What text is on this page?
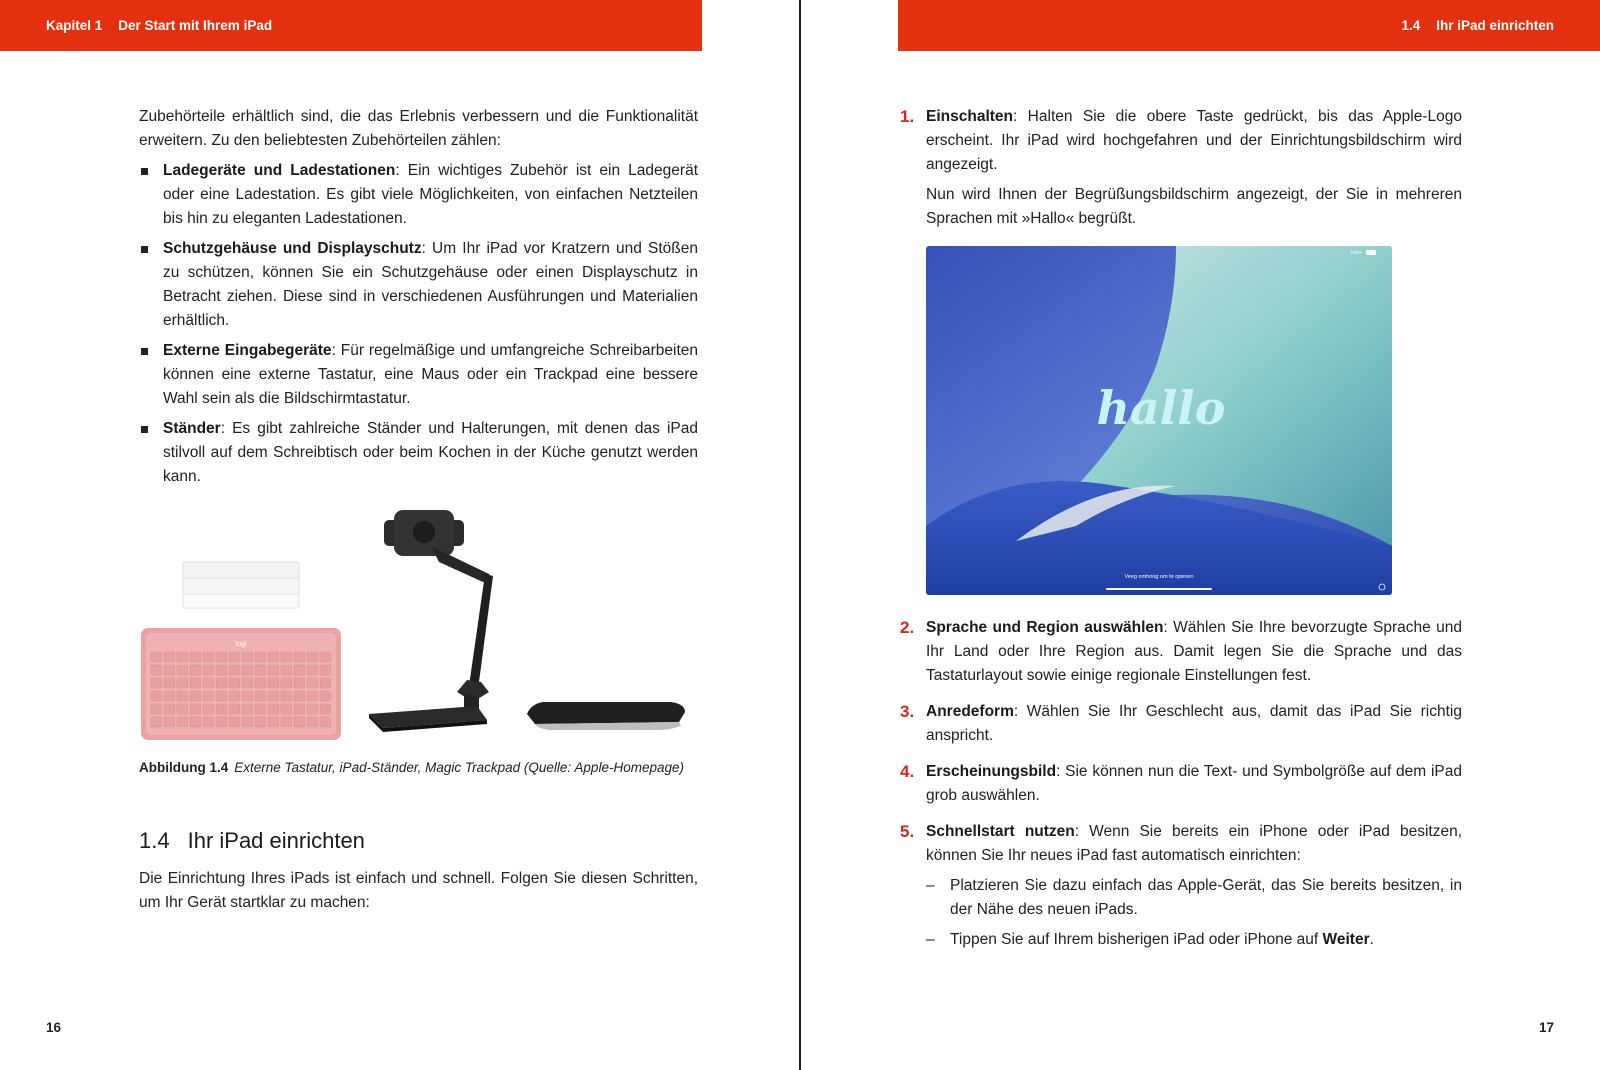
Kapitel 1 Der Start mit Ihrem iPad

Zubehörteile erhältlich sind, die das Erlebnis verbessern und die Funktionalität erweitern. Zu den beliebtesten Zubehörteilen zählen:

Ladegeräte und Ladestationen: Ein wichtiges Zubehör ist ein Ladegerät oder eine Ladestation. Es gibt viele Möglichkeiten, von einfachen Netzteilen bis hin zu eleganten Ladestationen.
Schutzgehäuse und Displayschutz: Um Ihr iPad vor Kratzern und Stößen zu schützen, können Sie ein Schutzgehäuse oder einen Displayschutz in Betracht ziehen. Diese sind in verschiedenen Ausführungen und Materialien erhältlich.
Externe Eingabegeräte: Für regelmäßige und umfangreiche Schreibarbeiten können eine externe Tastatur, eine Maus oder ein Trackpad eine bessere Wahl sein als die Bildschirmtastatur.
Ständer: Es gibt zahlreiche Ständer und Halterungen, mit denen das iPad stilvoll auf dem Schreibtisch oder beim Kochen in der Küche genutzt werden kann.
logi
Abbildung 1.4 Externe Tastatur, iPad-Ständer, Magic Trackpad (Quelle: Apple-Homepage)
1.4 Ihr iPad einrichten

Die Einrichtung Ihres iPads ist einfach und schnell. Folgen Sie diesen Schritten, um Ihr Gerät startklar zu machen:

16
1.4 Ihr iPad einrichten
1. Einschalten: Halten Sie die obere Taste gedrückt, bis das Apple-Logo erscheint. Ihr iPad wird hochgefahren und der Einrichtungsbildschirm wird angezeigt.

Nun wird Ihnen der Begrüßungsbildschirm angezeigt, der Sie in mehreren Sprachen mit »Hallo« begrüßt.

hallo
Veeg omhoog om te openen
100%
2. Sprache und Region auswählen: Wählen Sie Ihre bevorzugte Sprache und Ihr Land oder Ihre Region aus. Damit legen Sie die Sprache und das Tastaturlayout sowie einige regionale Einstellungen fest.
3. Anredeform: Wählen Sie Ihr Geschlecht aus, damit das iPad Sie richtig anspricht.
4. Erscheinungsbild: Sie können nun die Text- und Symbolgröße auf dem iPad grob auswählen.
5. Schnellstart nutzen: Wenn Sie bereits ein iPhone oder iPad besitzen, können Sie Ihr neues iPad fast automatisch einrichten:
– Platzieren Sie dazu einfach das Apple-Gerät, das Sie bereits besitzen, in der Nähe des neuen iPads.
– Tippen Sie auf Ihrem bisherigen iPad oder iPhone auf Weiter.
17
